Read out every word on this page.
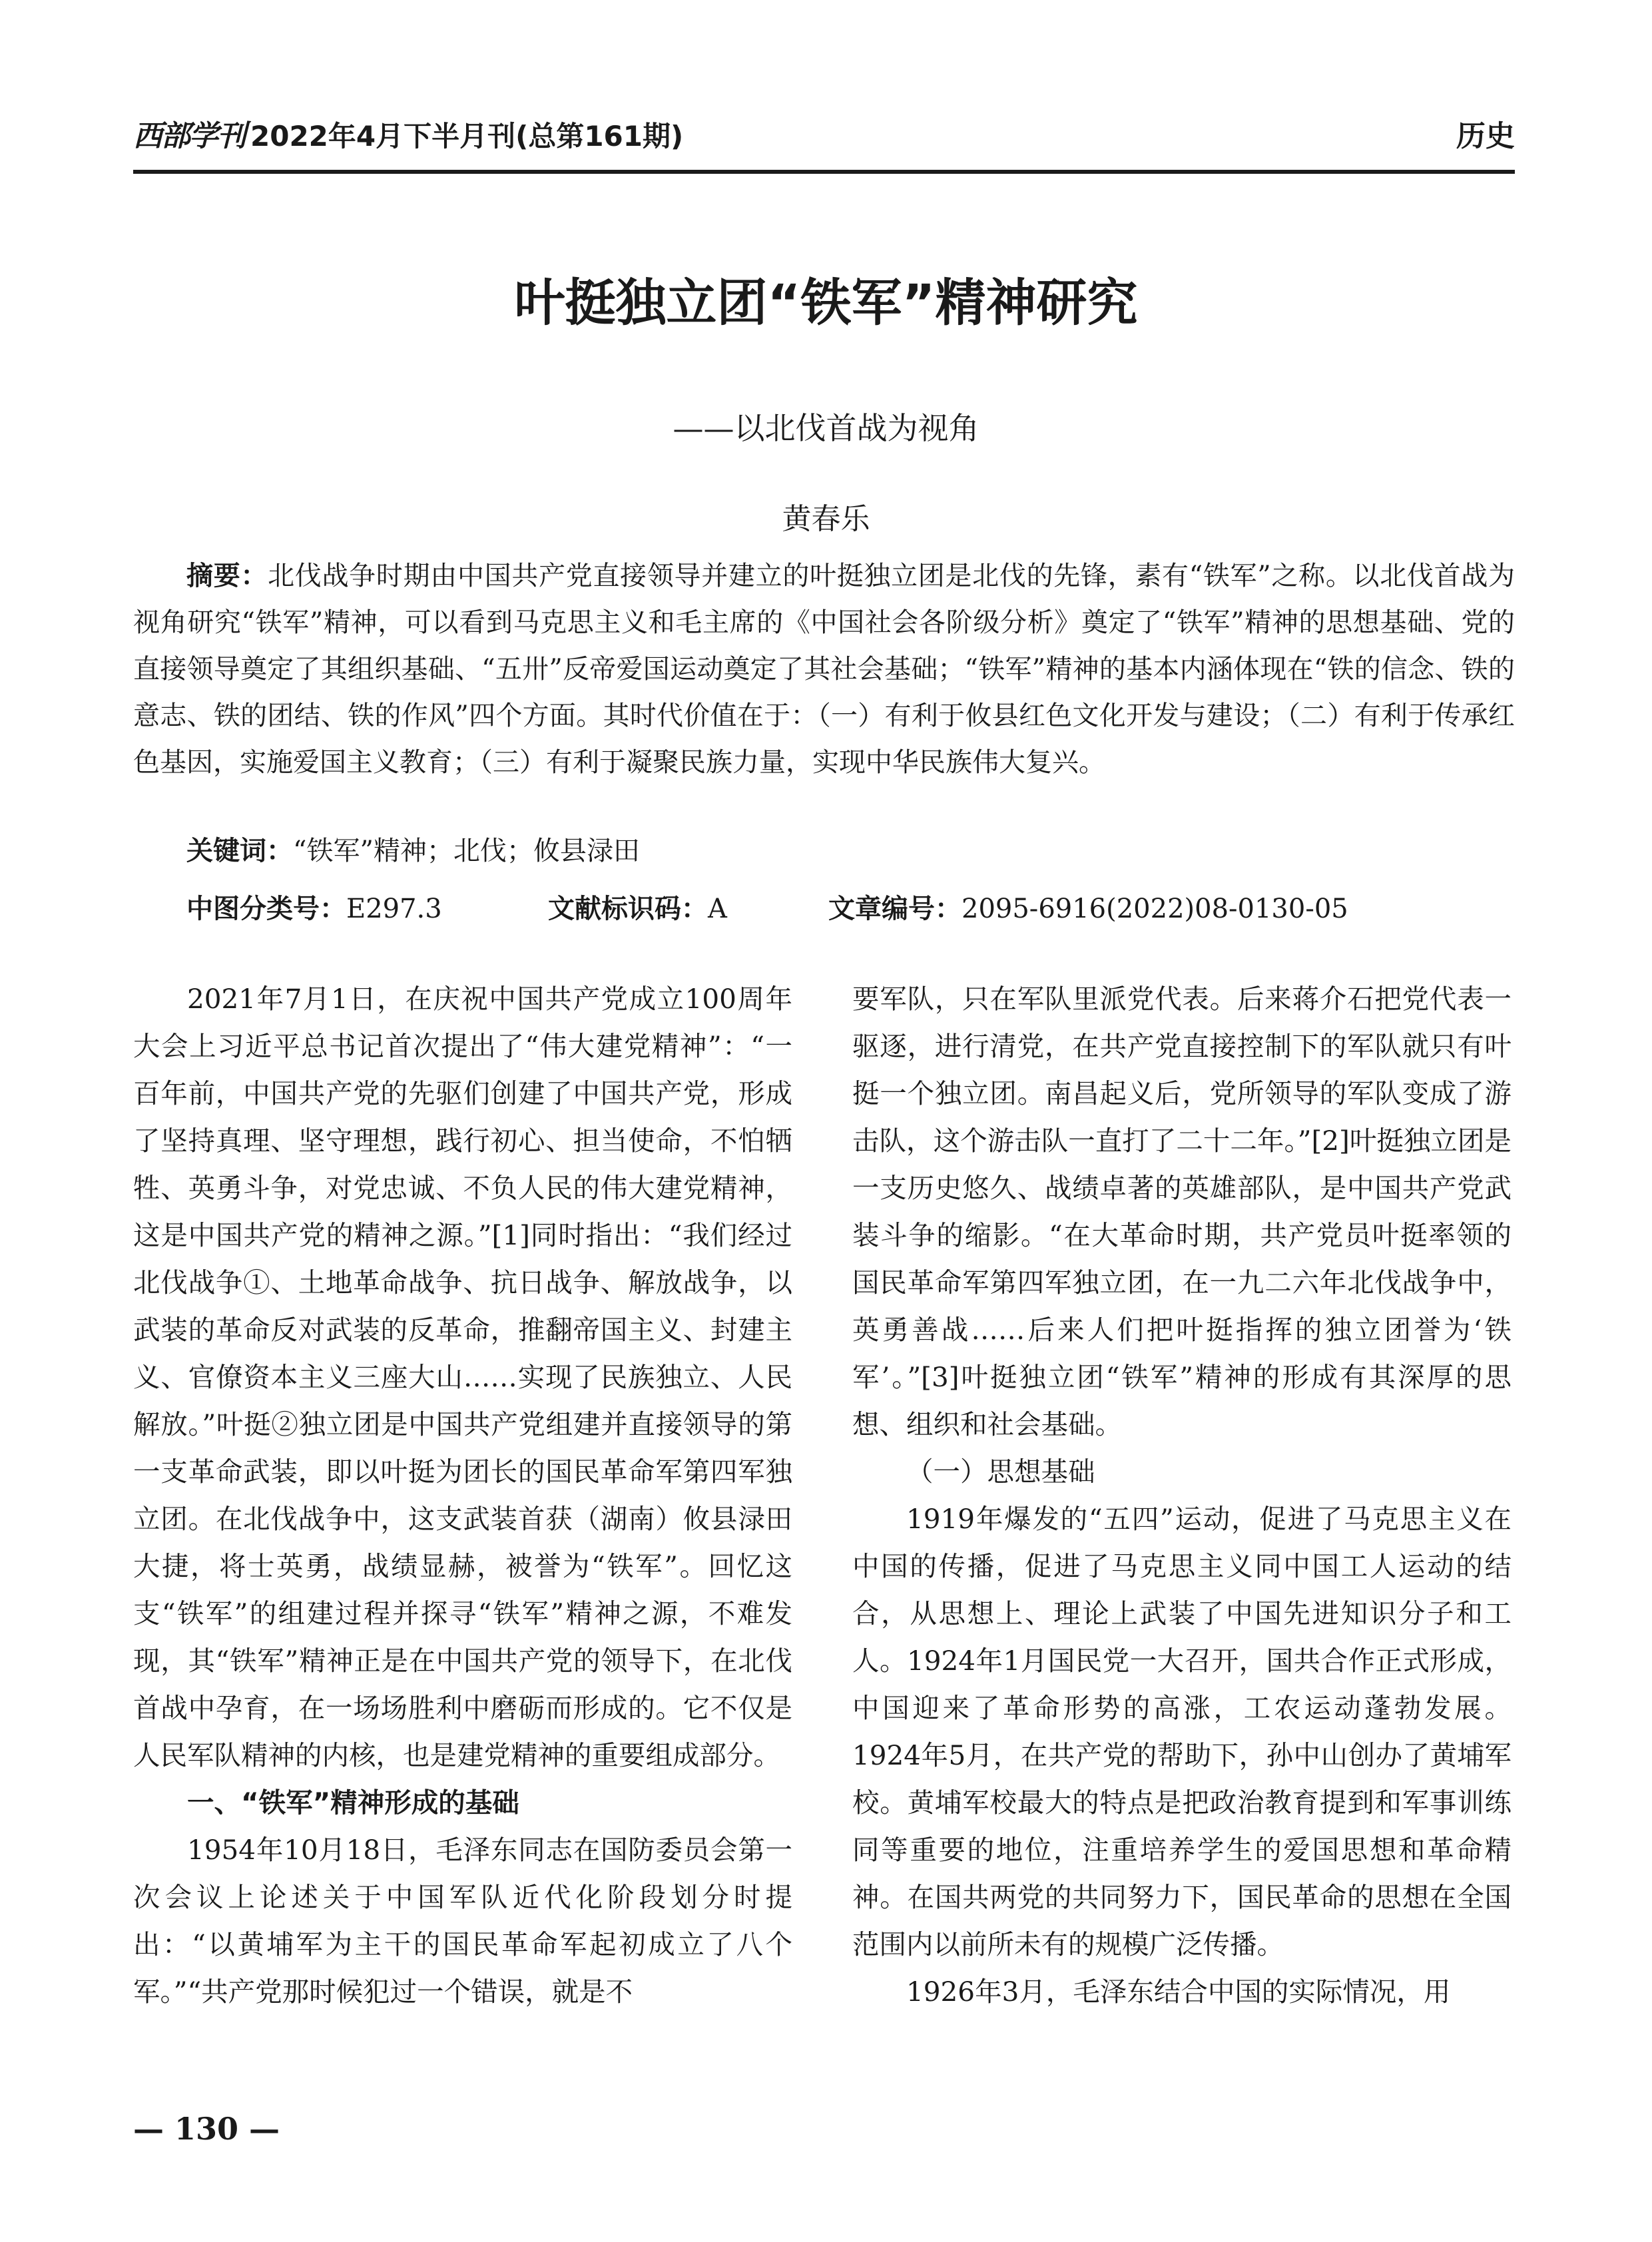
西部学刊 2022年4月下半月刊(总第161期)	历史
叶挺独立团“铁军”精神研究
——以北伐首战为视角
黄春乐
摘要：北伐战争时期由中国共产党直接领导并建立的叶挺独立团是北伐的先锋，素有“铁军”之称。以北伐首战为视角研究“铁军”精神，可以看到马克思主义和毛主席的《中国社会各阶级分析》奠定了“铁军”精神的思想基础、党的直接领导奠定了其组织基础、“五卅”反帝爱国运动奠定了其社会基础；“铁军”精神的基本内涵体现在“铁的信念、铁的意志、铁的团结、铁的作风”四个方面。其时代价值在于：（一）有利于攸县红色文化开发与建设；（二）有利于传承红色基因，实施爱国主义教育；（三）有利于凝聚民族力量，实现中华民族伟大复兴。
关键词：“铁军”精神；北伐；攸县渌田
中图分类号：E297.3	文献标识码：A	文章编号：2095-6916(2022)08-0130-05

2021年7月1日，在庆祝中国共产党成立100周年大会上习近平总书记首次提出了“伟大建党精神”：“一百年前，中国共产党的先驱们创建了中国共产党，形成了坚持真理、坚守理想，践行初心、担当使命，不怕牺牲、英勇斗争，对党忠诚、不负人民的伟大建党精神，这是中国共产党的精神之源。”[1]同时指出：“我们经过北伐战争①、土地革命战争、抗日战争、解放战争，以武装的革命反对武装的反革命，推翻帝国主义、封建主义、官僚资本主义三座大山……实现了民族独立、人民解放。”叶挺②独立团是中国共产党组建并直接领导的第一支革命武装，即以叶挺为团长的国民革命军第四军独立团。在北伐战争中，这支武装首获（湖南）攸县渌田大捷，将士英勇，战绩显赫，被誉为“铁军”。回忆这支“铁军”的组建过程并探寻“铁军”精神之源，不难发现，其“铁军”精神正是在中国共产党的领导下，在北伐首战中孕育，在一场场胜利中磨砺而形成的。它不仅是人民军队精神的内核，也是建党精神的重要组成部分。

一、“铁军”精神形成的基础

1954年10月18日，毛泽东同志在国防委员会第一次会议上论述关于中国军队近代化阶段划分时提出：“以黄埔军为主干的国民革命军起初成立了八个军。”“共产党那时候犯过一个错误，就是不

要军队，只在军队里派党代表。后来蒋介石把党代表一驱逐，进行清党，在共产党直接控制下的军队就只有叶挺一个独立团。南昌起义后，党所领导的军队变成了游击队，这个游击队一直打了二十二年。”[2]叶挺独立团是一支历史悠久、战绩卓著的英雄部队，是中国共产党武装斗争的缩影。“在大革命时期，共产党员叶挺率领的国民革命军第四军独立团，在一九二六年北伐战争中，英勇善战……后来人们把叶挺指挥的独立团誉为‘铁军’。”[3]叶挺独立团“铁军”精神的形成有其深厚的思想、组织和社会基础。

（一）思想基础

1919年爆发的“五四”运动，促进了马克思主义在中国的传播，促进了马克思主义同中国工人运动的结合，从思想上、理论上武装了中国先进知识分子和工人。1924年1月国民党一大召开，国共合作正式形成，中国迎来了革命形势的高涨，工农运动蓬勃发展。1924年5月，在共产党的帮助下，孙中山创办了黄埔军校。黄埔军校最大的特点是把政治教育提到和军事训练同等重要的地位，注重培养学生的爱国思想和革命精神。在国共两党的共同努力下，国民革命的思想在全国范围内以前所未有的规模广泛传播。

1926年3月，毛泽东结合中国的实际情况，用

— 130 —
